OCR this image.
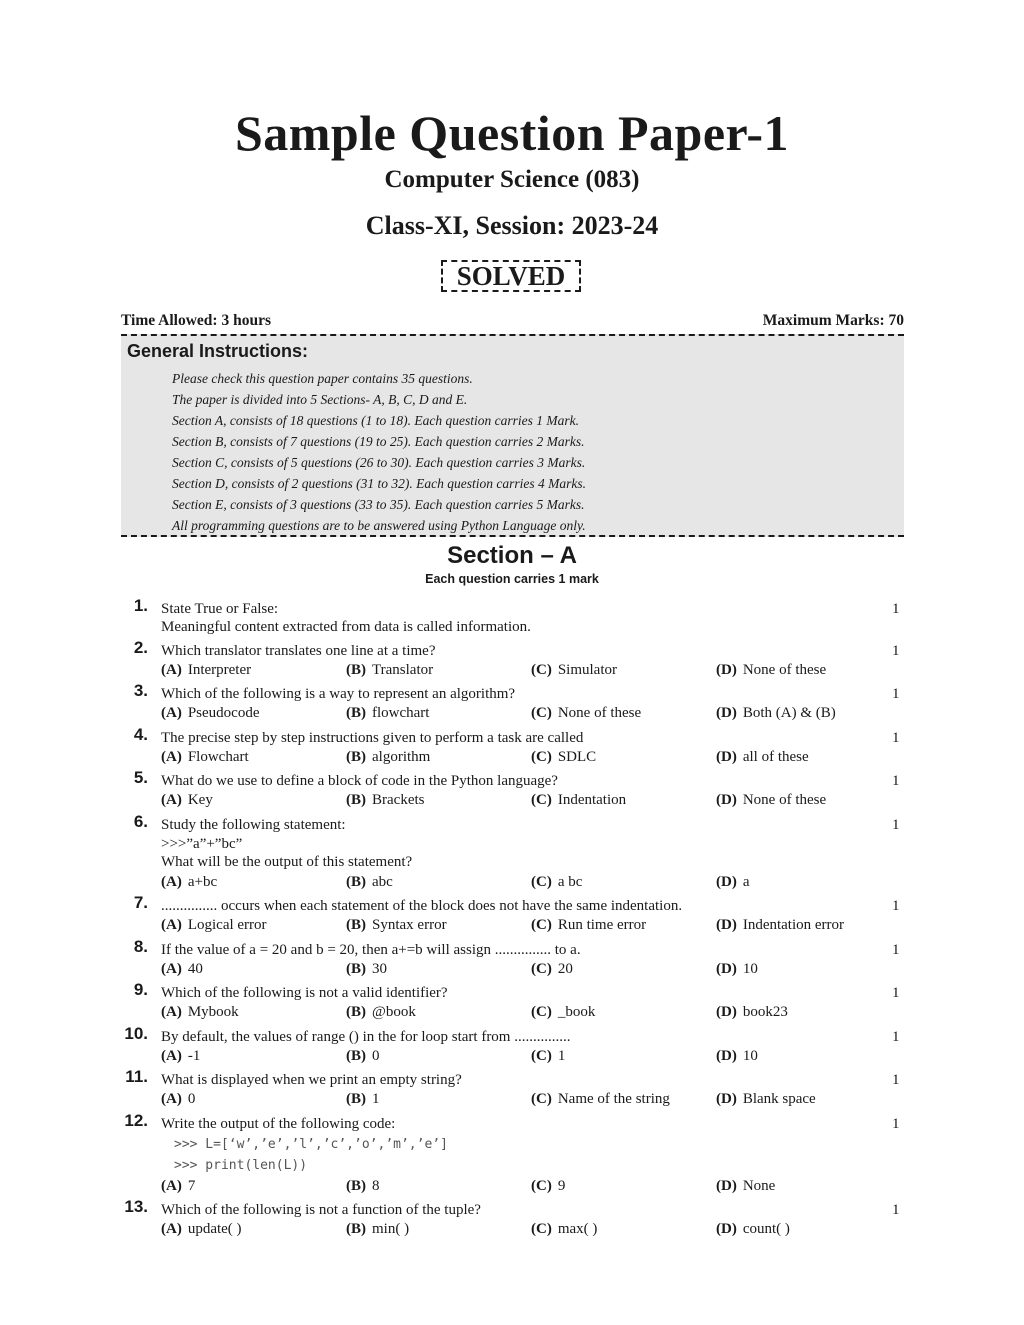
Sample Question Paper-1
Computer Science (083)
Class-XI, Session: 2023-24
SOLVED
Time Allowed: 3 hours	Maximum Marks: 70
General Instructions:
Please check this question paper contains 35 questions.
The paper is divided into 5 Sections- A, B, C, D and E.
Section A, consists of 18 questions (1 to 18). Each question carries 1 Mark.
Section B, consists of 7 questions (19 to 25). Each question carries 2 Marks.
Section C, consists of 5 questions (26 to 30). Each question carries 3 Marks.
Section D, consists of 2 questions (31 to 32). Each question carries 4 Marks.
Section E, consists of 3 questions (33 to 35). Each question carries 5 Marks.
All programming questions are to be answered using Python Language only.
Section – A
Each question carries 1 mark
1. State True or False:	1
Meaningful content extracted from data is called information.
2. Which translator translates one line at a time?	1
(A) Interpreter	(B) Translator	(C) Simulator	(D) None of these
3. Which of the following is a way to represent an algorithm?	1
(A) Pseudocode	(B) flowchart	(C) None of these	(D) Both (A) & (B)
4. The precise step by step instructions given to perform a task are called	1
(A) Flowchart	(B) algorithm	(C) SDLC	(D) all of these
5. What do we use to define a block of code in the Python language?	1
(A) Key	(B) Brackets	(C) Indentation	(D) None of these
6. Study the following statement:	1
>>>”a”+”bc”
What will be the output of this statement?
(A) a+bc	(B) abc	(C) a bc	(D) a
7. ............... occurs when each statement of the block does not have the same indentation.	1
(A) Logical error	(B) Syntax error	(C) Run time error	(D) Indentation error
8. If the value of a = 20 and b = 20, then a+=b will assign ............... to a.	1
(A) 40	(B) 30	(C) 20	(D) 10
9. Which of the following is not a valid identifier?	1
(A) Mybook	(B) @book	(C) _book	(D) book23
10. By default, the values of range () in the for loop start from ...............	1
(A) -1	(B) 0	(C) 1	(D) 10
11. What is displayed when we print an empty string?	1
(A) 0	(B) 1	(C) Name of the string	(D) Blank space
12. Write the output of the following code:	1
>>> L=[‘w’,’e’,’l’,’c’,’o’,’m’,’e’]
>>> print(len(L))
(A) 7	(B) 8	(C) 9	(D) None
13. Which of the following is not a function of the tuple?	1
(A) update( )	(B) min( )	(C) max( )	(D) count( )
